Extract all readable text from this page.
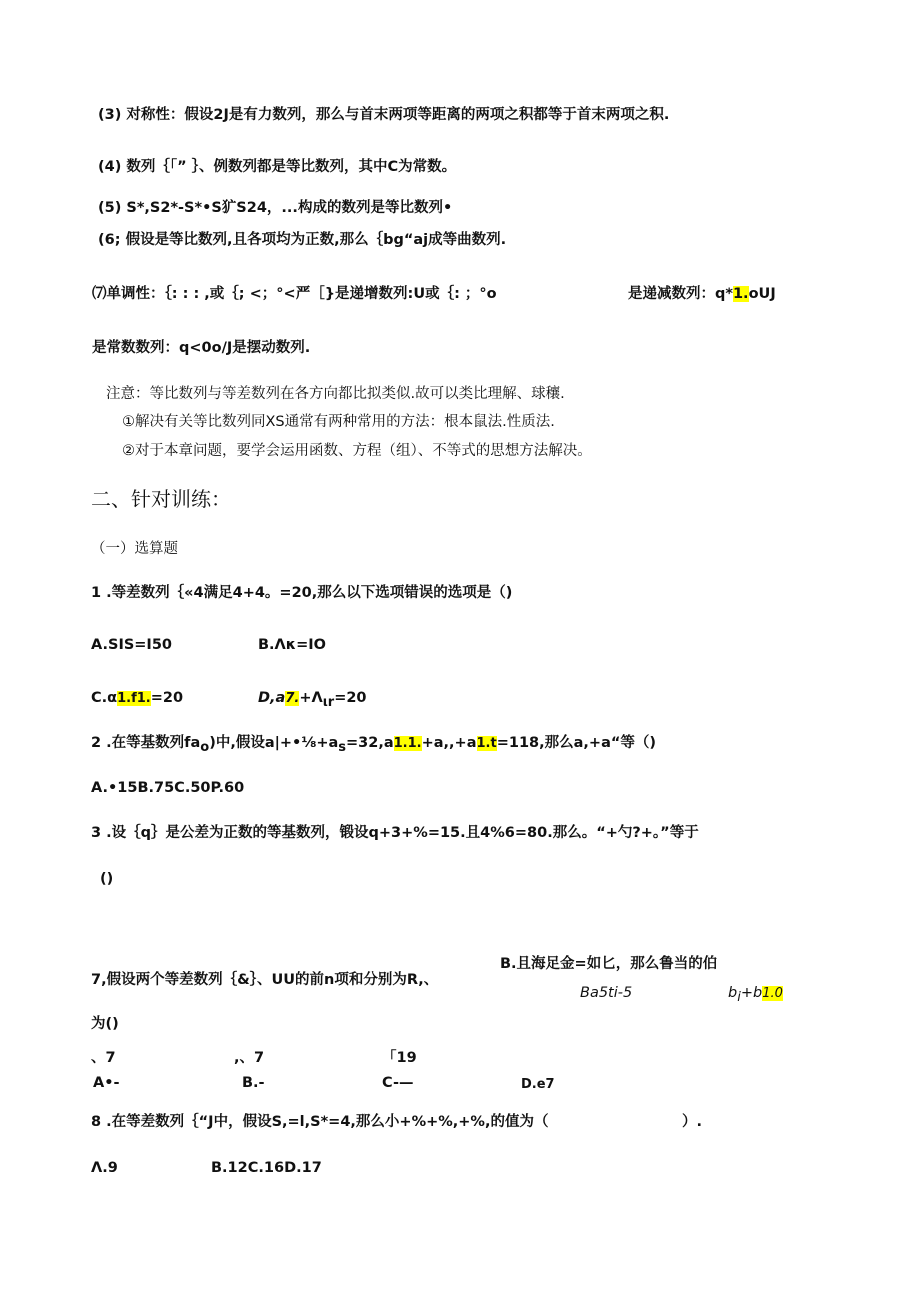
(3) 对称性：假设2J是有力数列，那么与首末两项等距离的两项之积都等于首末两项之积.
(4) 数列｛「” ｝、例数列都是等比数列，其中C为常数。
(5) S*,S2*-S*•S犷S24，...构成的数列是等比数列•
(6; 假设是等比数列,且各项均为正数,那么｛bg“aj成等曲数列.
⑺单调性：｛: : : ,或｛; <；°<严［}是递增数列:U或｛: ；°o	是递减数列：q*1.oUJ
是常数数列：q<0o/J是摆动数列.
注意：等比数列与等差数列在各方向都比拟类似.故可以类比理解、球穰.
①解决有关等比数列同XS通常有两种常用的方法：根本鼠法.性质法.
②对于本章问题，要学会运用函数、方程（组）、不等式的思想方法解决。
二、针对训练：
（一）选算题
1 .等差数列｛«4满足4+4。=20,那么以下选项错误的选项是（)
A.SIS=I50	B.Λκ=IO
C.α1.f1.=20	$D,a7.+\Lambda_{\iota r}=20$
2 .在等基数列$fa_o$)中,假设$a|+•\frac{1}{8}+a_s=32,a1.1.+a,,+a1.t=118$,那么a,+a“等（)
A.•15B.75C.50P.60
3 .设｛q｝是公差为正数的等基数列，锻设q+3+%=15.且4%6=80.那么。“+勺?+。”等于
()
B.且海足金=如匕，那么鲁当的伯
7,假设两个等差数列｛&｝、UU的前n项和分别为R,、
Ba5ti-5	$b_i+b1.0$
为()
、7	,、7	「19
A•-	B.-	C-—	D.e7
8 .在等差数列｛“J中，假设S,=l,S*=4,那么小+%+%,+%,的值为（	）.
Λ.9	B.12C.16D.17
